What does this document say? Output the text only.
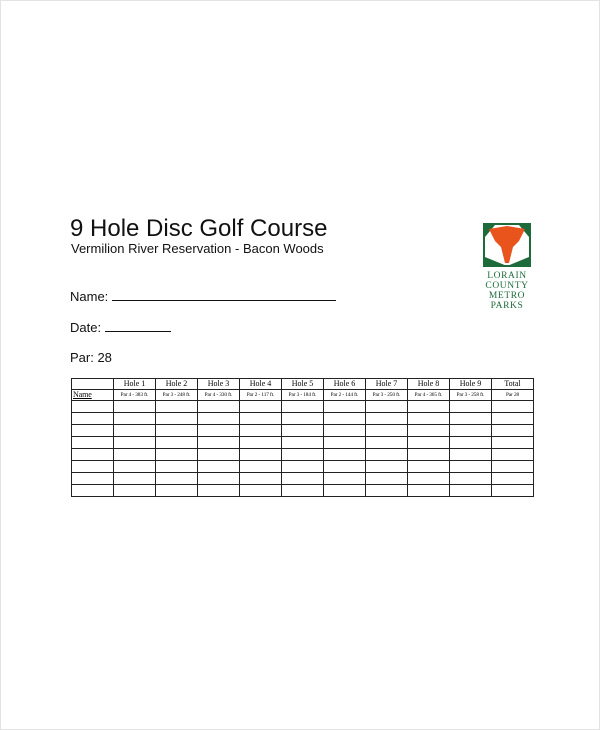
9 Hole Disc Golf Course
Vermilion River Reservation - Bacon Woods
Name:
Date:
Par: 28
LORAIN
COUNTY
METRO
PARKS
	Hole 1	Hole 2	Hole 3	Hole 4	Hole 5	Hole 6	Hole 7	Hole 8	Hole 9	Total
Name	Par 4 - 383 ft.	Par 3 - 248 ft.	Par 4 - 330 ft.	Par 2 - 117 ft.	Par 3 - 184 ft.	Par 2 - 144 ft.	Par 3 - 250 ft.	Par 4 - 365 ft.	Par 3 - 258 ft.	Par 28
